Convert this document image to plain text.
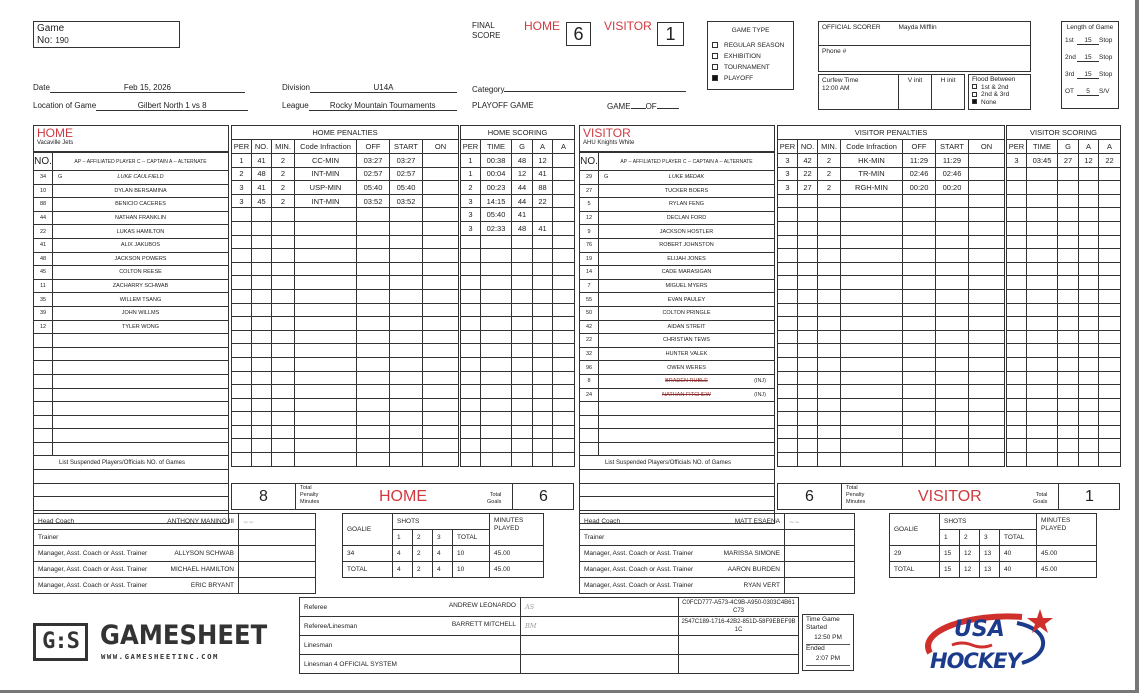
Game
No: 190
FINAL
SCORE
HOME 6	VISITOR 1
Date	Feb 15, 2026
Location of Game	Gilbert North 1 vs 8
Division	U14A
League	Rocky Mountain Tournaments
Category
PLAYOFF GAME	GAME OF
GAME TYPE
REGULAR SEASON
EXHIBITION
TOURNAMENT
PLAYOFF
OFFICIAL SCORER	Mayda Mifflin
Phone #
Curfew Time
12:00 AM
V init	H init	Flood Between
1st & 2nd
2nd & 3rd
None
Length of Game
1st 15 Stop
2nd 15 Stop
3rd 15 Stop
OT 5 S/V
HOME
Vacaville Jets
NO.	AP -- AFFILIATED PLAYER C -- CAPTAIN A -- ALTERNATE
34	G LUKE CAULFIELD
10	DYLAN BERSAMINA
88	BENICIO CACERES
44	NATHAN FRANKLIN
22	LUKAS HAMILTON
41	ALIX JAKUBOS
48	JACKSON POWERS
45	COLTON REESE
11	ZACHARRY SCHWAB
35	WILLEM TSANG
39	JOHN WILLMS
12	TYLER WONG

List Suspended Players/Officials NO. of Games	

HOME PENALTIES						
PER	NO.	MIN.	Code Infraction	OFF	START	ON
1	41	2	CC-MIN	03:27	03:27	
2	48	2	INT-MIN	02:57	02:57	
3	41	2	USP-MIN	05:40	05:40	
3	45	2	INT-MIN	03:52	03:52	

HOME SCORING				
PER	TIME	G	A	A
1	00:38	48	12	
1	00:04	12	41	
2	00:23	44	88	
3	14:15	44	22	
3	05:40	41		
3	02:33	48	41	

8	Total
Penalty
Minutes	HOME	Total
Goals	6
VISITOR
AHU Knights White
NO.	AP -- AFFILIATED PLAYER C -- CAPTAIN A -- ALTERNATE
29	G LUKE MEDAK
27	TUCKER BOERS
5	RYLAN FENG
12	DECLAN FORD
9	JACKSON HOSTLER
76	ROBERT JOHNSTON
19	ELIJAH JONES
14	CADE MARASIGAN
7	MIGUEL MYERS
55	EVAN PAULEY
50	COLTON PRINGLE
42	AIDAN STREIT
22	CHRISTIAN TEWS
32	HUNTER VALEK
96	OWEN WERES
8	BRADEN RUBLE (INJ)

24	NATHAN FITCHEW (INJ)

List Suspended Players/Officials NO. of Games	

VISITOR PENALTIES						
PER	NO.	MIN.	Code Infraction	OFF	START	ON
3	42	2	HK-MIN	11:29	11:29	
3	22	2	TR-MIN	02:46	02:46	
3	27	2	RGH-MIN	00:20	00:20	

VISITOR SCORING				
PER	TIME	G	A	A
3	03:45	27	12	22

6	Total
Penalty
Minutes	VISITOR	Total
Goals	1
Head Coach ANTHONY MANINO III	~~
Trainer

Manager, Asst. Coach or Asst. Trainer ALLYSON SCHWAB	

Manager, Asst. Coach or Asst. Trainer MICHAEL HAMILTON	

Manager, Asst. Coach or Asst. Trainer ERIC BRYANT	

GOALIE	SHOTS				MINUTES
PLAYED

	1	2	3	TOTAL	
34	4	2	4	10	45.00
TOTAL	4	2	4	10	45.00
Head Coach MATT ESAENA	~~
Trainer

Manager, Asst. Coach or Asst. Trainer MARISSA SIMONE	

Manager, Asst. Coach or Asst. Trainer AARON BURDEN	

Manager, Asst. Coach or Asst. Trainer RYAN VERT	

GOALIE	SHOTS				MINUTES
PLAYED

	1	2	3	TOTAL	
29	15	12	13	40	45.00
TOTAL	15	12	13	40	45.00
Referee ANDREW LEONARDO	AS	C0FCD777-A573-4C9B-A950-0303C4B61C73
Referee/Linesman BARRETT MITCHELL	BM	2547C189-1716-42B2-851D-58F9EBEF9B1C
Linesman

Linesman 4 OFFICIAL SYSTEM

Time Game
Started
12:50 PM
Ended
2:07 PM
G:S GAMESHEET
WWW.GAMESHEETINC.COM
USA
HOCKEY
